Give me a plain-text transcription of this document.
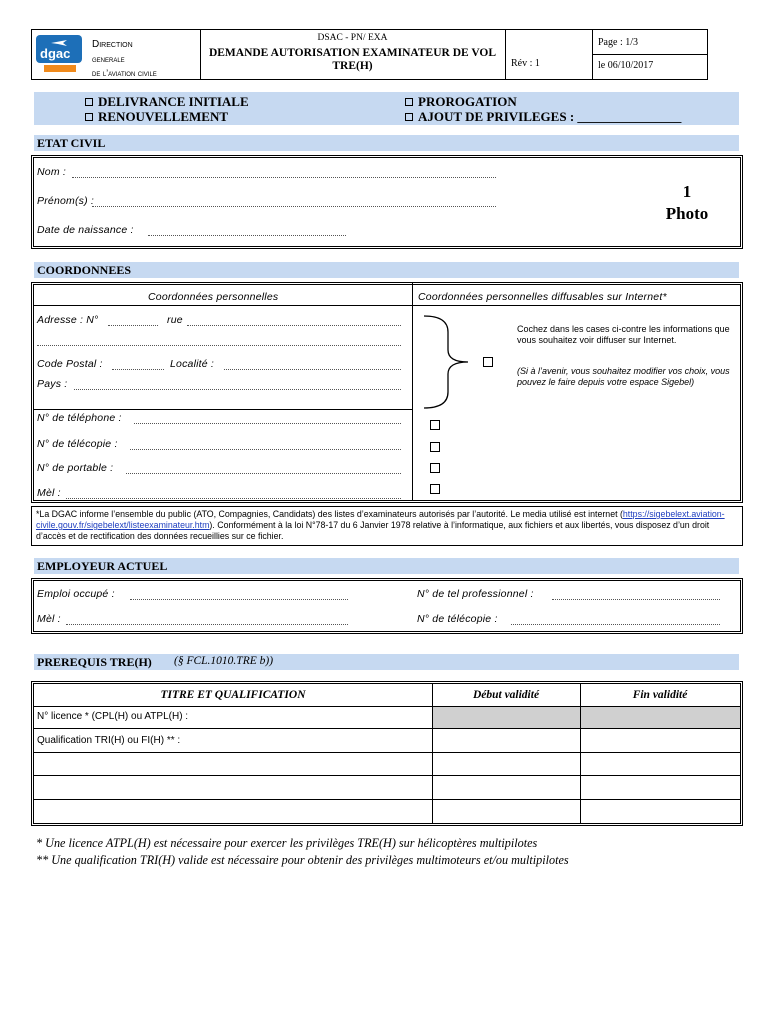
dgac
Direction
generale
de l’aviation civile
DSAC - PN/ EXA
DEMANDE AUTORISATION EXAMINATEUR DE VOL
TRE(H)	Rév : 1
Page : 1/3
le 06/10/2017
DELIVRANCE INITIALE
RENOUVELLEMENT
PROROGATION
AJOUT DE PRIVILEGES : ________________
ETAT CIVIL
Nom :
Prénom(s) :
Date de naissance :
1
Photo
COORDONNEES
Coordonnées personnelles	Coordonnées personnelles diffusables sur Internet*
Adresse : N°	rue
Code Postal :	Localité :
Pays :
Cochez dans les cases ci-contre les informations que vous souhaitez voir diffuser sur Internet.
(Si à l’avenir, vous souhaitez modifier vos choix, vous pouvez le faire depuis votre espace Sigebel)
N° de téléphone :
N° de télécopie :
N° de portable :
Mèl :
*La DGAC informe l’ensemble du public (ATO, Compagnies, Candidats) des listes d’examinateurs autorisés par l’autorité. Le media utilisé est internet (https://sigebelext.aviation-civile.gouv.fr/sigebelext/listeexaminateur.htm). Conformément à la loi N°78-17 du 6 Janvier 1978 relative à l’informatique, aux fichiers et aux libertés, vous disposez d’un droit d’accès et de rectification des données recueillies sur ce fichier.
EMPLOYEUR ACTUEL
Emploi occupé :	N° de tel professionnel :
Mèl :	N° de télécopie :
PREREQUIS TRE(H) (§ FCL.1010.TRE b))
TITRE ET QUALIFICATION	Début validité	Fin validité
N° licence * (CPL(H) ou ATPL(H) :
Qualification TRI(H) ou FI(H) ** :
* Une licence ATPL(H) est nécessaire pour exercer les privilèges TRE(H) sur hélicoptères multipilotes
** Une qualification TRI(H) valide est nécessaire pour obtenir des privilèges multimoteurs et/ou multipilotes
